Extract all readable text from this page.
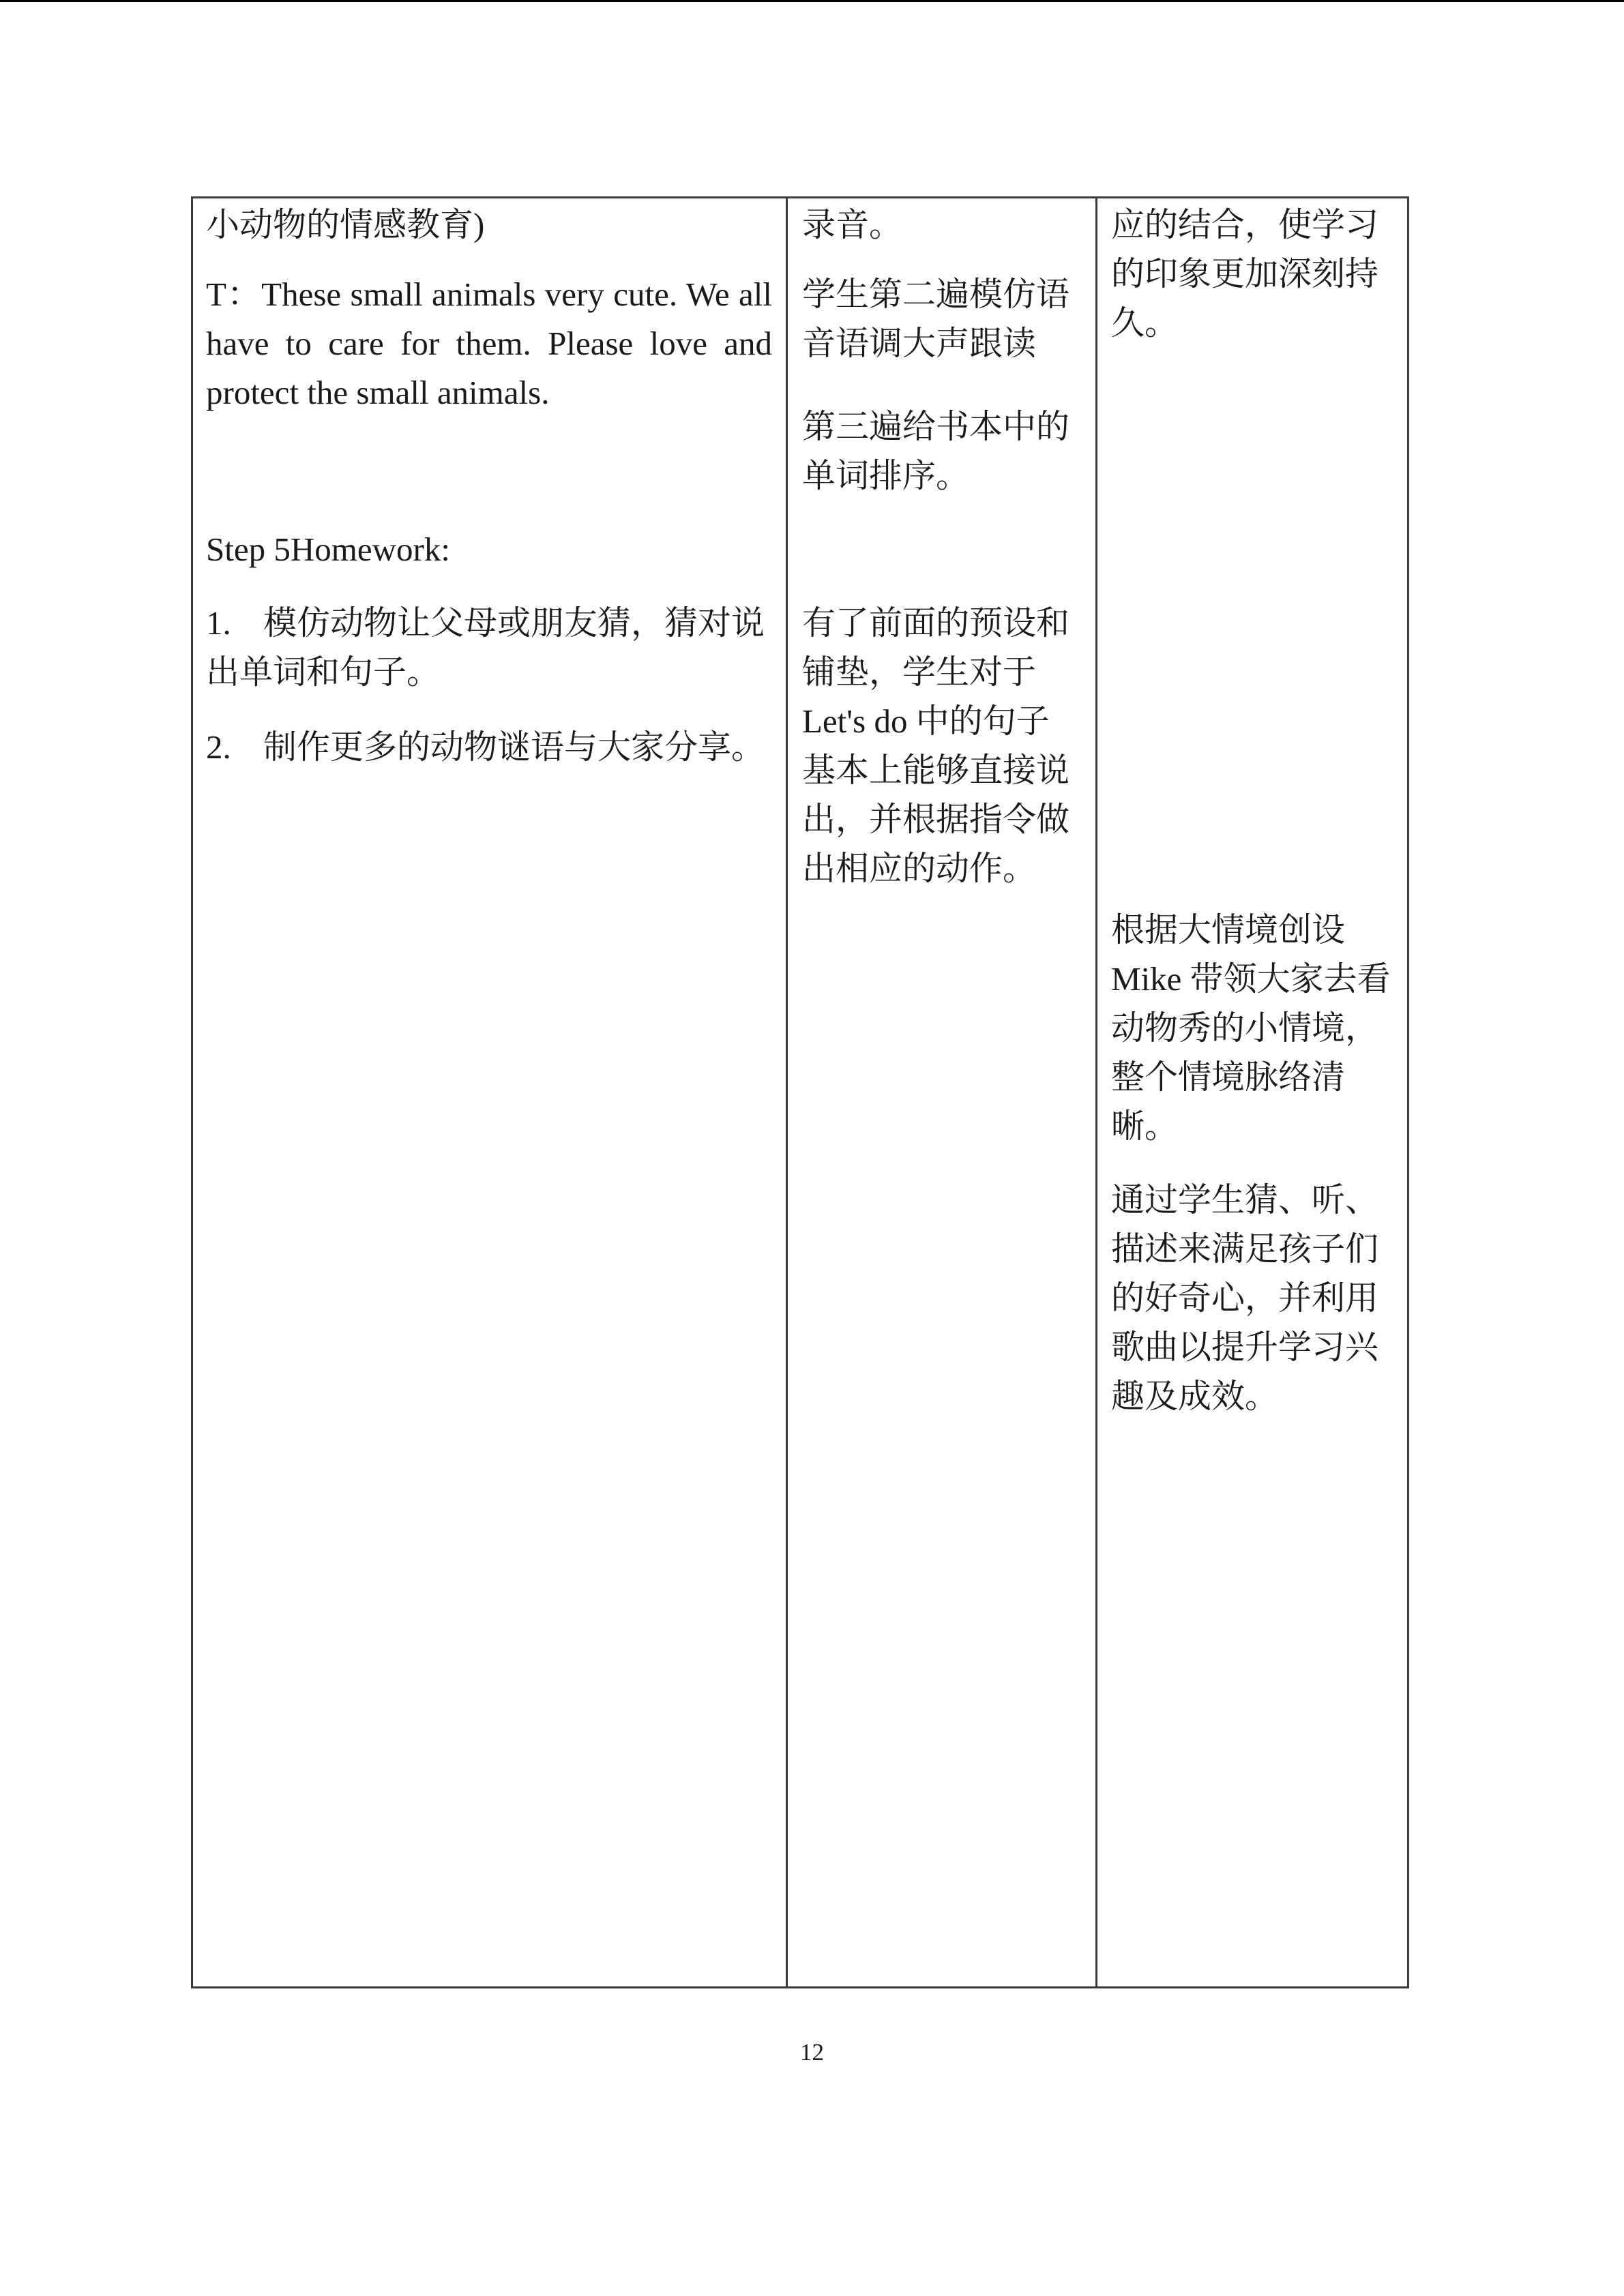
小动物的情感教育)

T：These small animals very cute. We all have to care for them. Please love and protect the small animals.

Step 5Homework:

1. 模仿动物让父母或朋友猜，猜对说出单词和句子。
2. 制作更多的动物谜语与大家分享。

录音。

学生第二遍模仿语音语调大声跟读

第三遍给书本中的单词排序。

有了前面的预设和铺垫，学生对于Let's do 中的句子基本上能够直接说出，并根据指令做出相应的动作。

应的结合，使学习的印象更加深刻持久。

根据大情境创设Mike 带领大家去看动物秀的小情境，整个情境脉络清晰。

通过学生猜、听、描述来满足孩子们的好奇心，并利用歌曲以提升学习兴趣及成效。

12
